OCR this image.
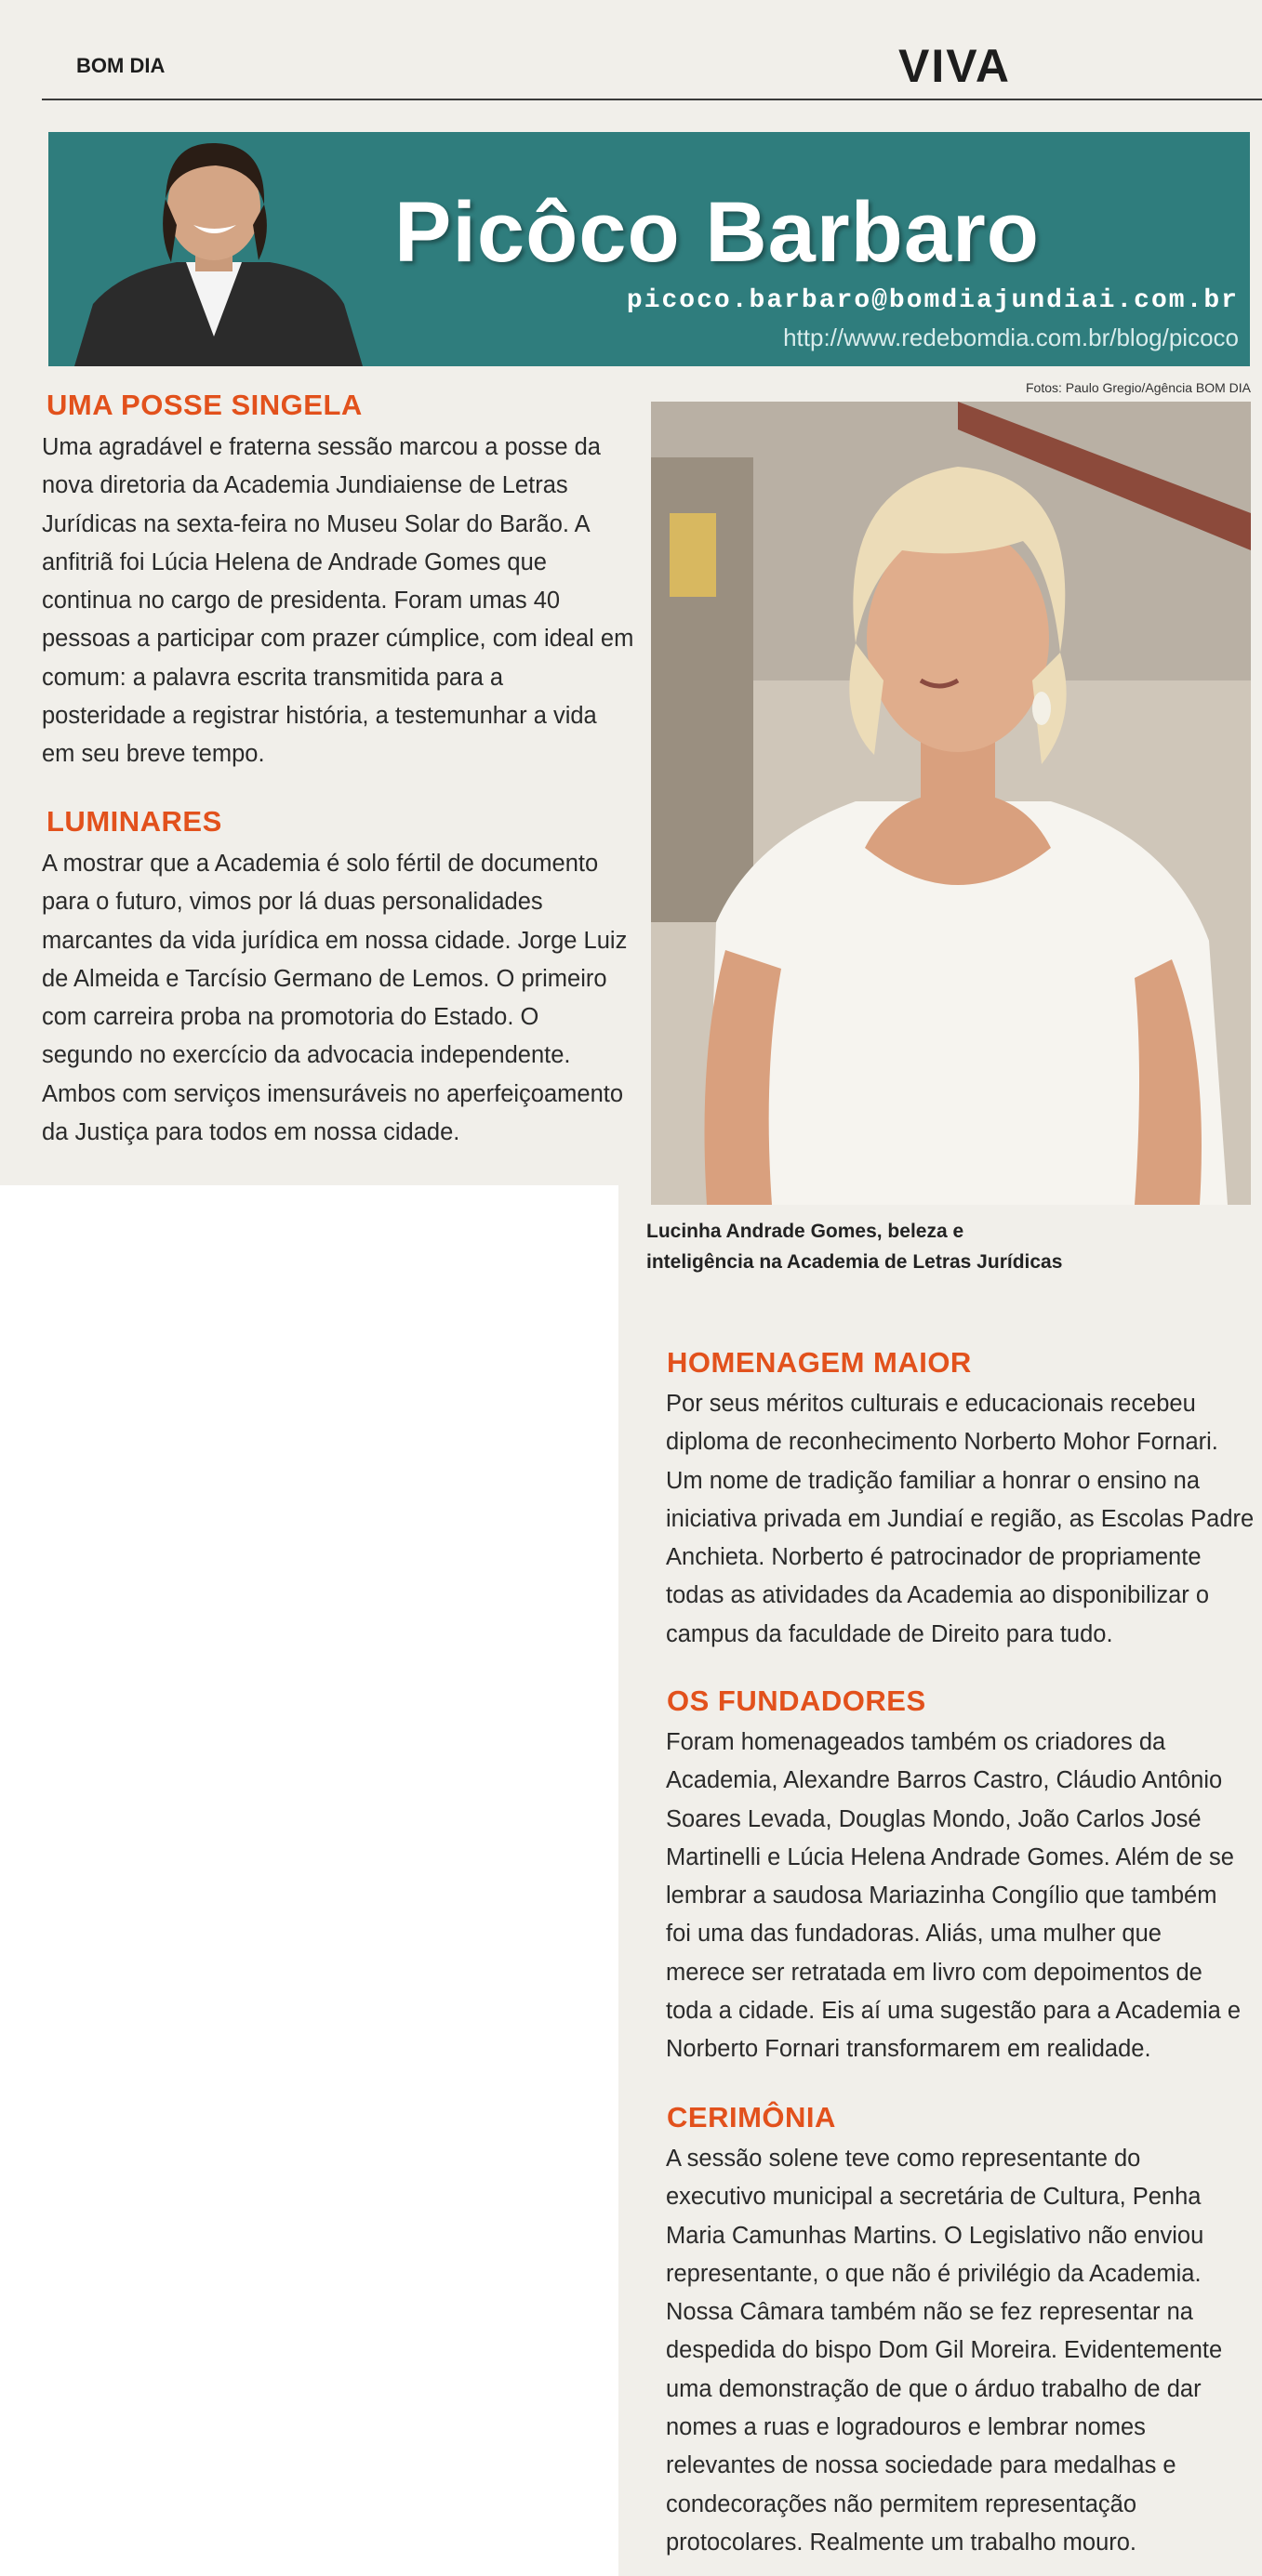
BOM DIA	VIVA
Picôco Barbaro
picoco.barbaro@bomdiajundiai.com.br
http://www.redebomdia.com.br/blog/picoco
Fotos: Paulo Gregio/Agência BOM DIA
UMA POSSE SINGELA
Uma agradável e fraterna sessão marcou a posse da
nova diretoria da Academia Jundiaiense de Letras
Jurídicas na sexta-feira no Museu Solar do Barão. A
anfitriã foi Lúcia Helena de Andrade Gomes que
continua no cargo de presidenta. Foram umas 40
pessoas a participar com prazer cúmplice, com ideal em
comum: a palavra escrita transmitida para a
posteridade a registrar história, a testemunhar a vida
em seu breve tempo.
LUMINARES
A mostrar que a Academia é solo fértil de documento
para o futuro, vimos por lá duas personalidades
marcantes da vida jurídica em nossa cidade. Jorge Luiz
de Almeida e Tarcísio Germano de Lemos. O primeiro
com carreira proba na promotoria do Estado. O
segundo no exercício da advocacia independente.
Ambos com serviços imensuráveis no aperfeiçoamento
da Justiça para todos em nossa cidade.
Lucinha Andrade Gomes, beleza e
inteligência na Academia de Letras Jurídicas
HOMENAGEM MAIOR
Por seus méritos culturais e educacionais recebeu
diploma de reconhecimento Norberto Mohor Fornari.
Um nome de tradição familiar a honrar o ensino na
iniciativa privada em Jundiaí e região, as Escolas Padre
Anchieta. Norberto é patrocinador de propriamente
todas as atividades da Academia ao disponibilizar o
campus da faculdade de Direito para tudo.
OS FUNDADORES
Foram homenageados também os criadores da
Academia, Alexandre Barros Castro, Cláudio Antônio
Soares Levada, Douglas Mondo, João Carlos José
Martinelli e Lúcia Helena Andrade Gomes. Além de se
lembrar a saudosa Mariazinha Congílio que também
foi uma das fundadoras. Aliás, uma mulher que
merece ser retratada em livro com depoimentos de
toda a cidade. Eis aí uma sugestão para a Academia e
Norberto Fornari transformarem em realidade.
CERIMÔNIA
A sessão solene teve como representante do
executivo municipal a secretária de Cultura, Penha
Maria Camunhas Martins. O Legislativo não enviou
representante, o que não é privilégio da Academia.
Nossa Câmara também não se fez representar na
despedida do bispo Dom Gil Moreira. Evidentemente
uma demonstração de que o árduo trabalho de dar
nomes a ruas e logradouros e lembrar nomes
relevantes de nossa sociedade para medalhas e
condecorações não permitem representação
protocolares. Realmente um trabalho mouro.
